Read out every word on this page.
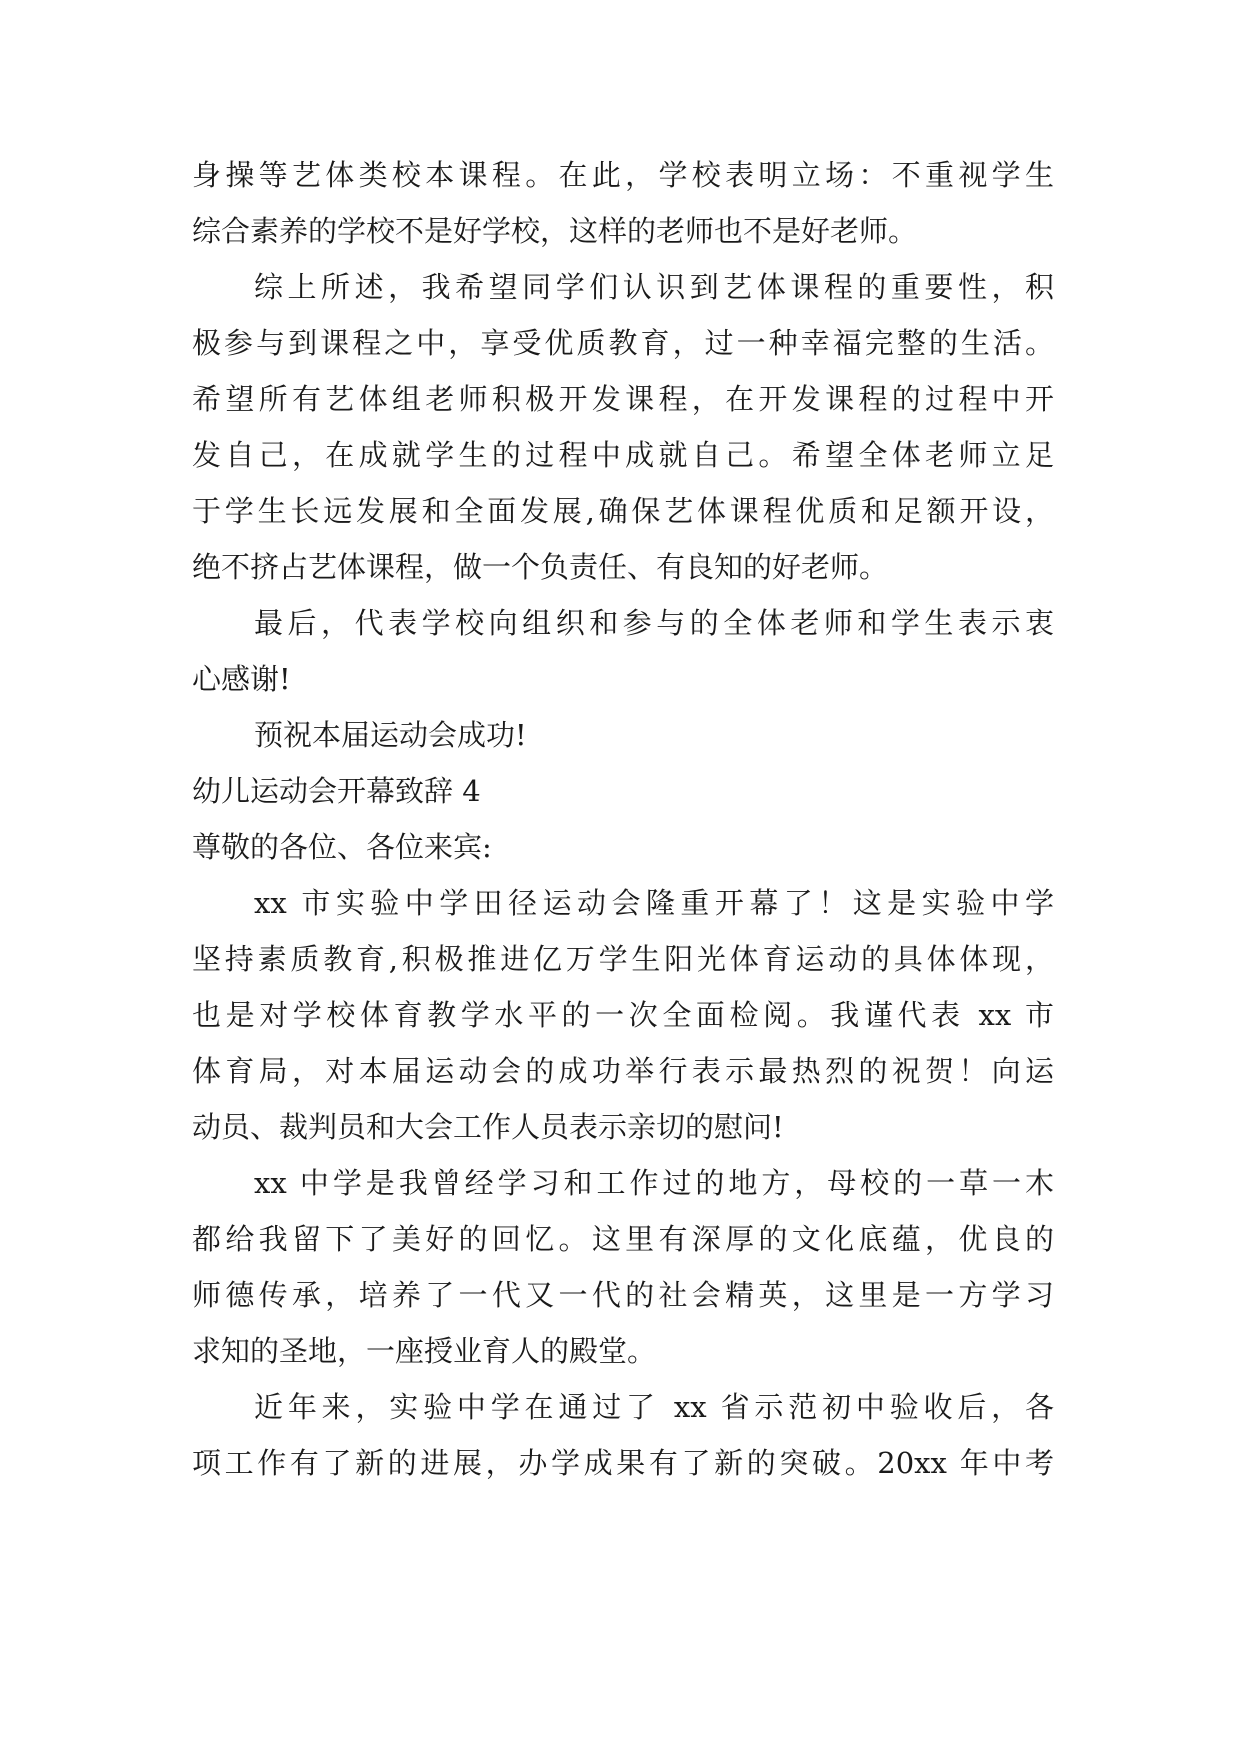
身操等艺体类校本课程。在此，学校表明立场：不重视学生
综合素养的学校不是好学校，这样的老师也不是好老师。
综上所述，我希望同学们认识到艺体课程的重要性，积
极参与到课程之中，享受优质教育，过一种幸福完整的生活。
希望所有艺体组老师积极开发课程，在开发课程的过程中开
发自己，在成就学生的过程中成就自己。希望全体老师立足
于学生长远发展和全面发展,确保艺体课程优质和足额开设，
绝不挤占艺体课程，做一个负责任、有良知的好老师。
最后，代表学校向组织和参与的全体老师和学生表示衷
心感谢!
预祝本届运动会成功!
幼儿运动会开幕致辞 4
尊敬的各位、各位来宾:
xx 市实验中学田径运动会隆重开幕了！这是实验中学
坚持素质教育,积极推进亿万学生阳光体育运动的具体体现，
也是对学校体育教学水平的一次全面检阅。我谨代表 xx 市
体育局，对本届运动会的成功举行表示最热烈的祝贺！向运
动员、裁判员和大会工作人员表示亲切的慰问!
xx 中学是我曾经学习和工作过的地方，母校的一草一木
都给我留下了美好的回忆。这里有深厚的文化底蕴，优良的
师德传承，培养了一代又一代的社会精英，这里是一方学习
求知的圣地，一座授业育人的殿堂。
近年来，实验中学在通过了 xx 省示范初中验收后，各
项工作有了新的进展，办学成果有了新的突破。20xx 年中考
